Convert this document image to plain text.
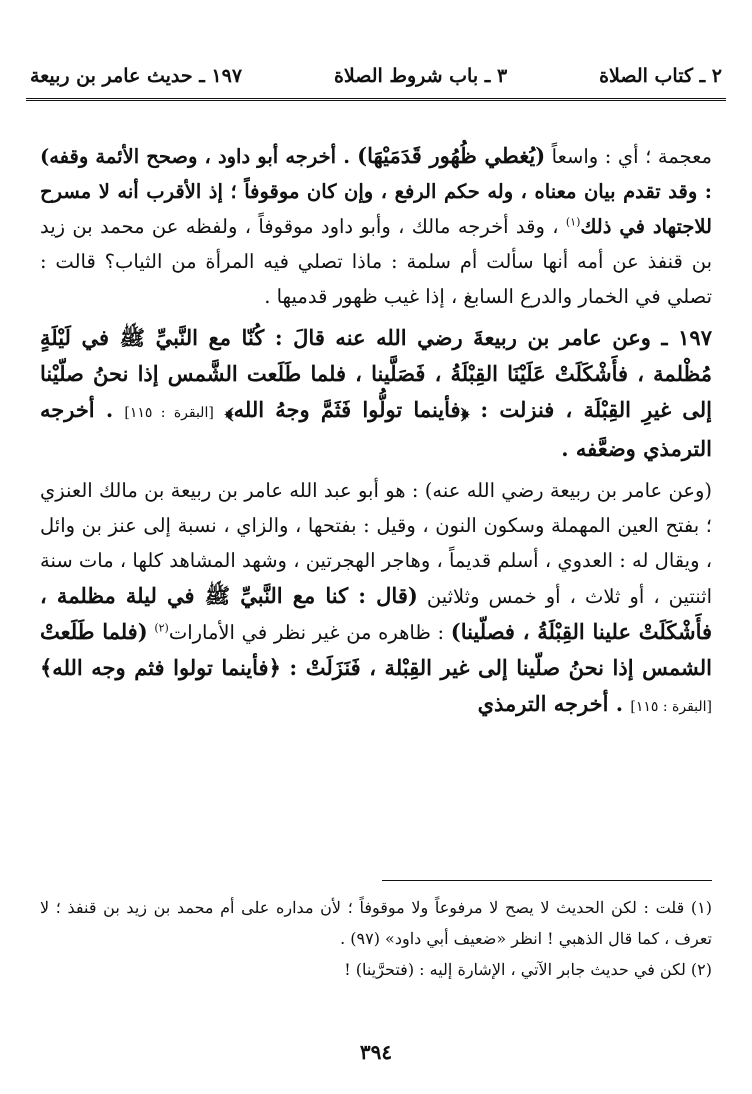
٢ ـ كتاب الصلاة
٣ ـ باب شروط الصلاة
١٩٧ ـ حديث عامر بن ربيعة

معجمة ؛ أي : واسعاً (يُغطي ظُهُور قَدَمَيْهَا) . أخرجه أبو داود ، وصحح الأئمة وقفه) : وقد تقدم بيان معناه ، وله حكم الرفع ، وإن كان موقوفاً ؛ إذ الأقرب أنه لا مسرح للاجتهاد في ذلك$^{(١)}$ ، وقد أخرجه مالك ، وأبو داود موقوفاً ، ولفظه عن محمد بن زيد بن قنفذ عن أمه أنها سألت أم سلمة : ماذا تصلي فيه المرأة من الثياب؟ قالت : تصلي في الخمار والدرع السابغ ، إذا غيب ظهور قدميها .

١٩٧ ـ وعن عامر بن ربيعةَ رضي الله عنه قالَ : كُنّا مع النَّبيِّ ﷺ في لَيْلَةٍ مُظْلمة ، فأَشْكَلَتْ عَلَيْنَا القِبْلَةُ ، فَصَلَّينا ، فلما طَلَعت الشَّمس إذا نحنُ صلّيْنا إلى غيرِ القِبْلَة ، فنزلت : ﴿فأينما تولُّوا فَثَمَّ وجهُ الله﴾ [البقرة : ١١٥] . أخرجه الترمذي وضعَّفه .

(وعن عامر بن ربيعة رضي الله عنه) : هو أبو عبد الله عامر بن ربيعة بن مالك العنزي ؛ بفتح العين المهملة وسكون النون ، وقيل : بفتحها ، والزاي ، نسبة إلى عنز بن وائل ، ويقال له : العدوي ، أسلم قديماً ، وهاجر الهجرتين ، وشهد المشاهد كلها ، مات سنة اثنتين ، أو ثلاث ، أو خمس وثلاثين (قال : كنا مع النَّبيِّ ﷺ في ليلة مظلمة ، فأَشْكَلَتْ علينا القِبْلَةُ ، فصلّينا) : ظاهره من غير نظر في الأمارات$^{(٢)}$ (فلما طَلَعتْ الشمس إذا نحنُ صلّينا إلى غير القِبْلة ، فَنَزَلَتْ : ﴿فأينما تولوا فثم وجه الله﴾ [البقرة : ١١٥] . أخرجه الترمذي

(١) قلت : لكن الحديث لا يصح لا مرفوعاً ولا موقوفاً ؛ لأن مداره على أم محمد بن زيد بن قنفذ ؛ لا تعرف ، كما قال الذهبي ! انظر «ضعيف أبي داود» (٩٧) .

(٢) لكن في حديث جابر الآتي ، الإشارة إليه : (فتحرَّينا) !

٣٩٤
